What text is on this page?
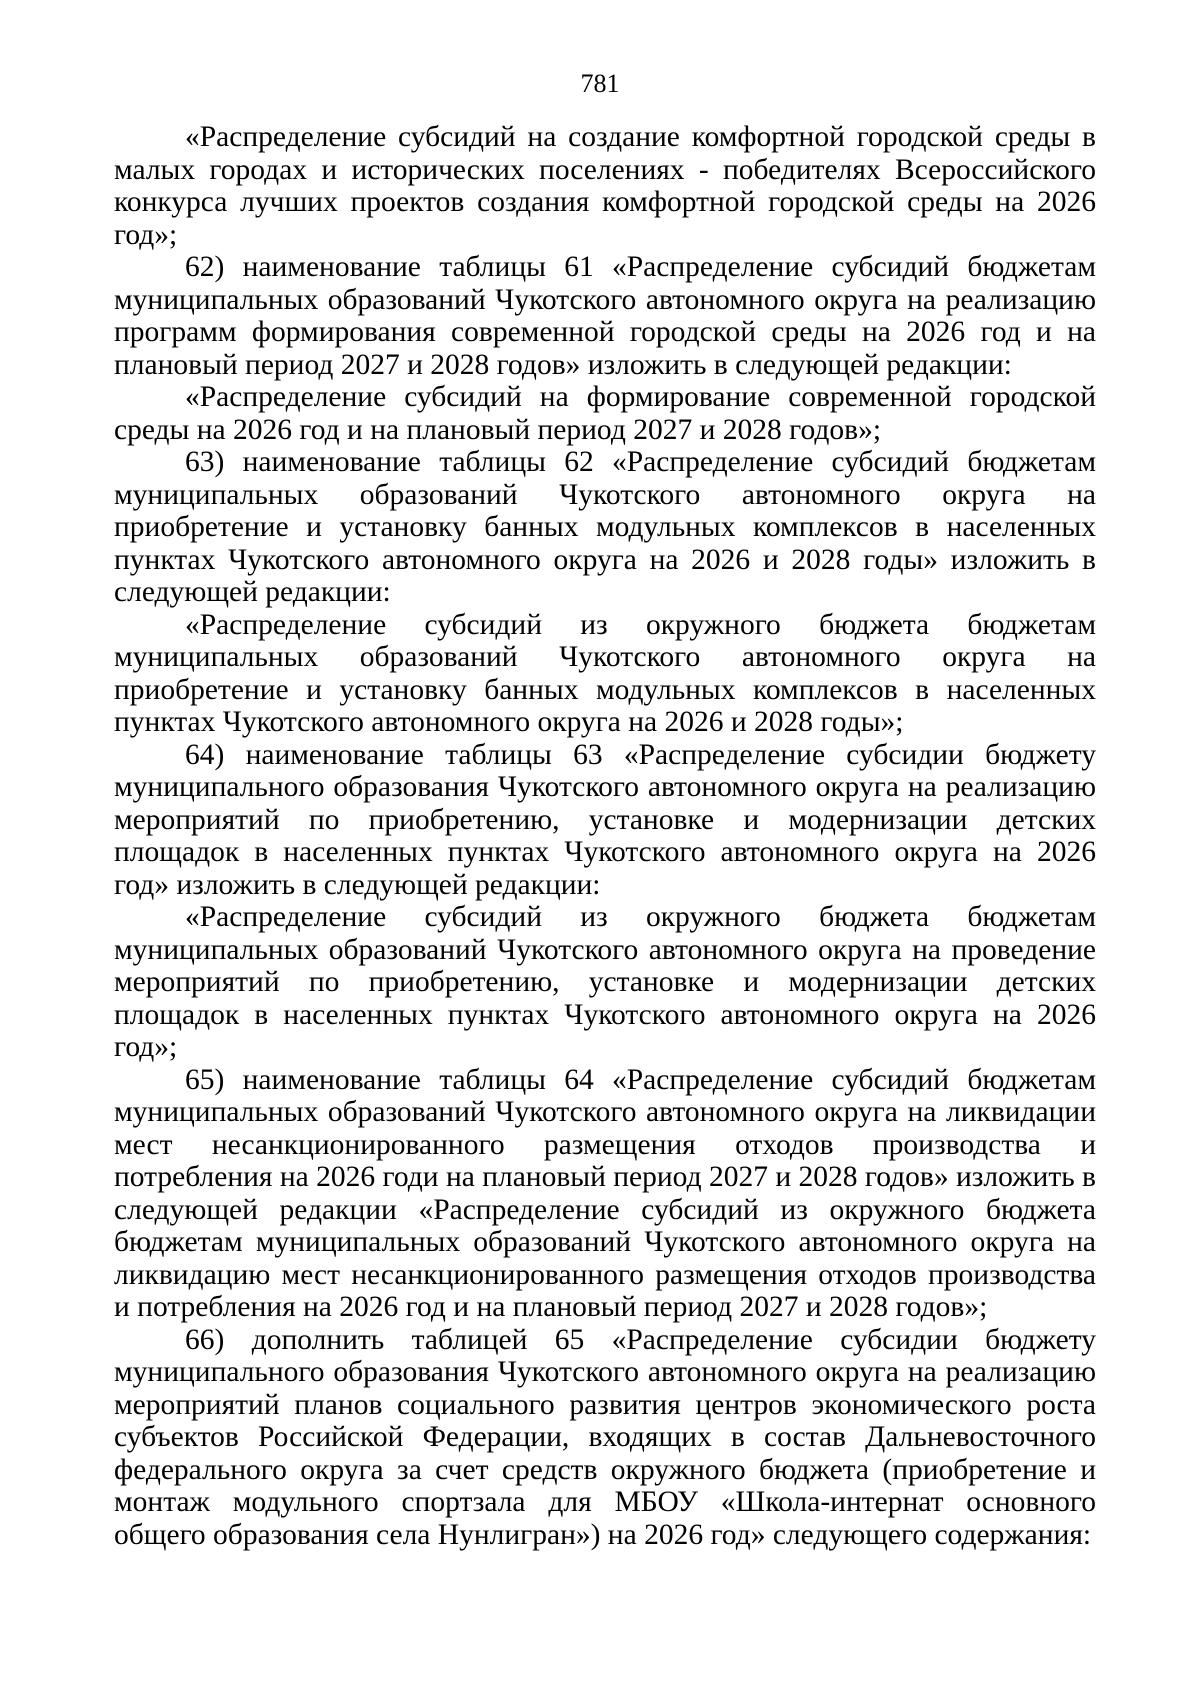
781

«Распределение субсидий на создание комфортной городской среды в малых городах и исторических поселениях - победителях Всероссийского конкурса лучших проектов создания комфортной городской среды на 2026 год»;

62) наименование таблицы 61 «Распределение субсидий бюджетам муниципальных образований Чукотского автономного округа на реализацию программ формирования современной городской среды на 2026 год и на плановый период 2027 и 2028 годов» изложить в следующей редакции:

«Распределение субсидий на формирование современной городской среды на 2026 год и на плановый период 2027 и 2028 годов»;

63) наименование таблицы 62 «Распределение субсидий бюджетам муниципальных образований Чукотского автономного округа на приобретение и установку банных модульных комплексов в населенных пунктах Чукотского автономного округа на 2026 и 2028 годы» изложить в следующей редакции:

«Распределение субсидий из окружного бюджета бюджетам муниципальных образований Чукотского автономного округа на приобретение и установку банных модульных комплексов в населенных пунктах Чукотского автономного округа на 2026 и 2028 годы»;

64) наименование таблицы 63 «Распределение субсидии бюджету муниципального образования Чукотского автономного округа на реализацию мероприятий по приобретению, установке и модернизации детских площадок в населенных пунктах Чукотского автономного округа на 2026 год» изложить в следующей редакции:

«Распределение субсидий из окружного бюджета бюджетам муниципальных образований Чукотского автономного округа на проведение мероприятий по приобретению, установке и модернизации детских площадок в населенных пунктах Чукотского автономного округа на 2026 год»;

65) наименование таблицы 64 «Распределение субсидий бюджетам муниципальных образований Чукотского автономного округа на ликвидации мест несанкционированного размещения отходов производства и потребления на 2026 годи на плановый период 2027 и 2028 годов» изложить в следующей редакции «Распределение субсидий из окружного бюджета бюджетам муниципальных образований Чукотского автономного округа на ликвидацию мест несанкционированного размещения отходов производства и потребления на 2026 год и на плановый период 2027 и 2028 годов»;

66) дополнить таблицей 65 «Распределение субсидии бюджету муниципального образования Чукотского автономного округа на реализацию мероприятий планов социального развития центров экономического роста субъектов Российской Федерации, входящих в состав Дальневосточного федерального округа за счет средств окружного бюджета (приобретение и монтаж модульного спортзала для МБОУ «Школа-интернат основного общего образования села Нунлигран») на 2026 год» следующего содержания:
